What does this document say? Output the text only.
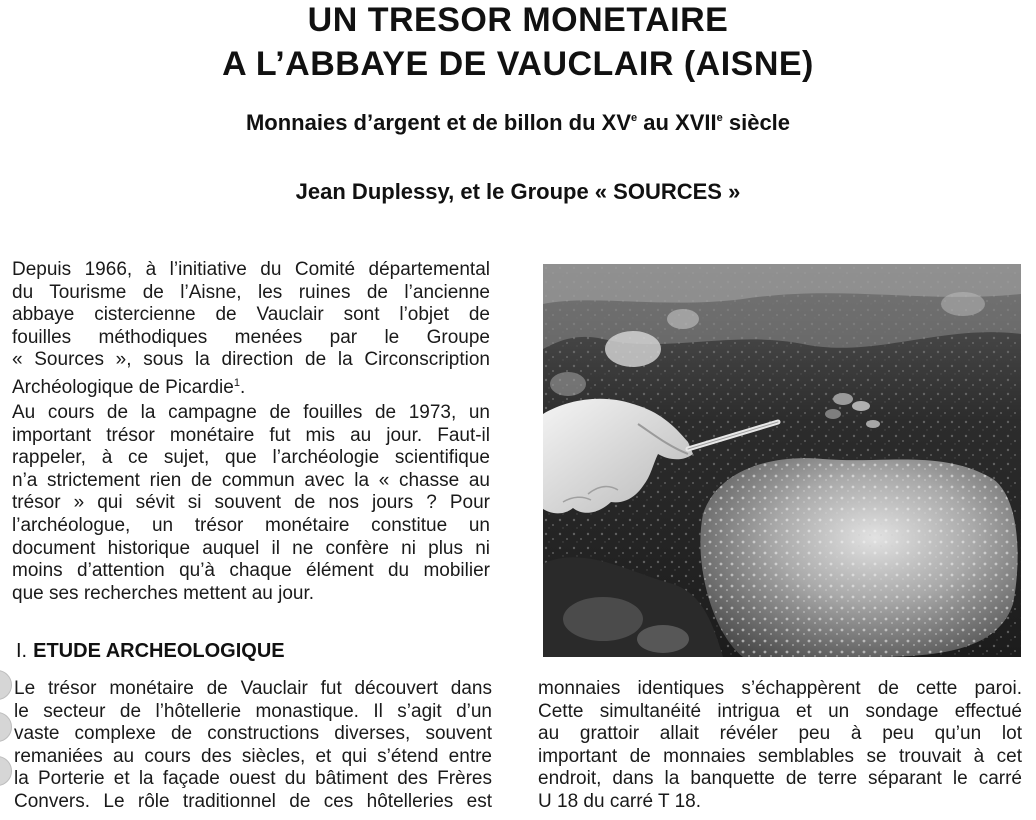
UN TRESOR MONETAIRE
A L’ABBAYE DE VAUCLAIR (AISNE)
Monnaies d’argent et de billon du XVe au XVIIe siècle
Jean Duplessy, et le Groupe « SOURCES »

Depuis 1966, à l’initiative du Comité départemental
du Tourisme de l’Aisne, les ruines de l’ancienne
abbaye cistercienne de Vauclair sont l’objet de
fouilles méthodiques menées par le Groupe
« Sources », sous la direction de la Circonscription
Archéologique de Picardie$^1$.

Au cours de la campagne de fouilles de 1973, un
important trésor monétaire fut mis au jour. Faut-il
rappeler, à ce sujet, que l’archéologie scientifique
n’a strictement rien de commun avec la « chasse au
trésor » qui sévit si souvent de nos jours ? Pour
l’archéologue, un trésor monétaire constitue un
document historique auquel il ne confère ni plus ni
moins d’attention qu’à chaque élément du mobilier
que ses recherches mettent au jour.

I. ETUDE ARCHEOLOGIQUE

Le trésor monétaire de Vauclair fut découvert dans
le secteur de l’hôtellerie monastique. Il s’agit d’un
vaste complexe de constructions diverses, souvent
remaniées au cours des siècles, et qui s’étend entre
la Porterie et la façade ouest du bâtiment des Frères
Convers. Le rôle traditionnel de ces hôtelleries est

monnaies identiques s’échappèrent de cette paroi.
Cette simultanéité intrigua et un sondage effectué
au grattoir allait révéler peu à peu qu’un lot
important de monnaies semblables se trouvait à cet
endroit, dans la banquette de terre séparant le carré
U 18 du carré T 18.
